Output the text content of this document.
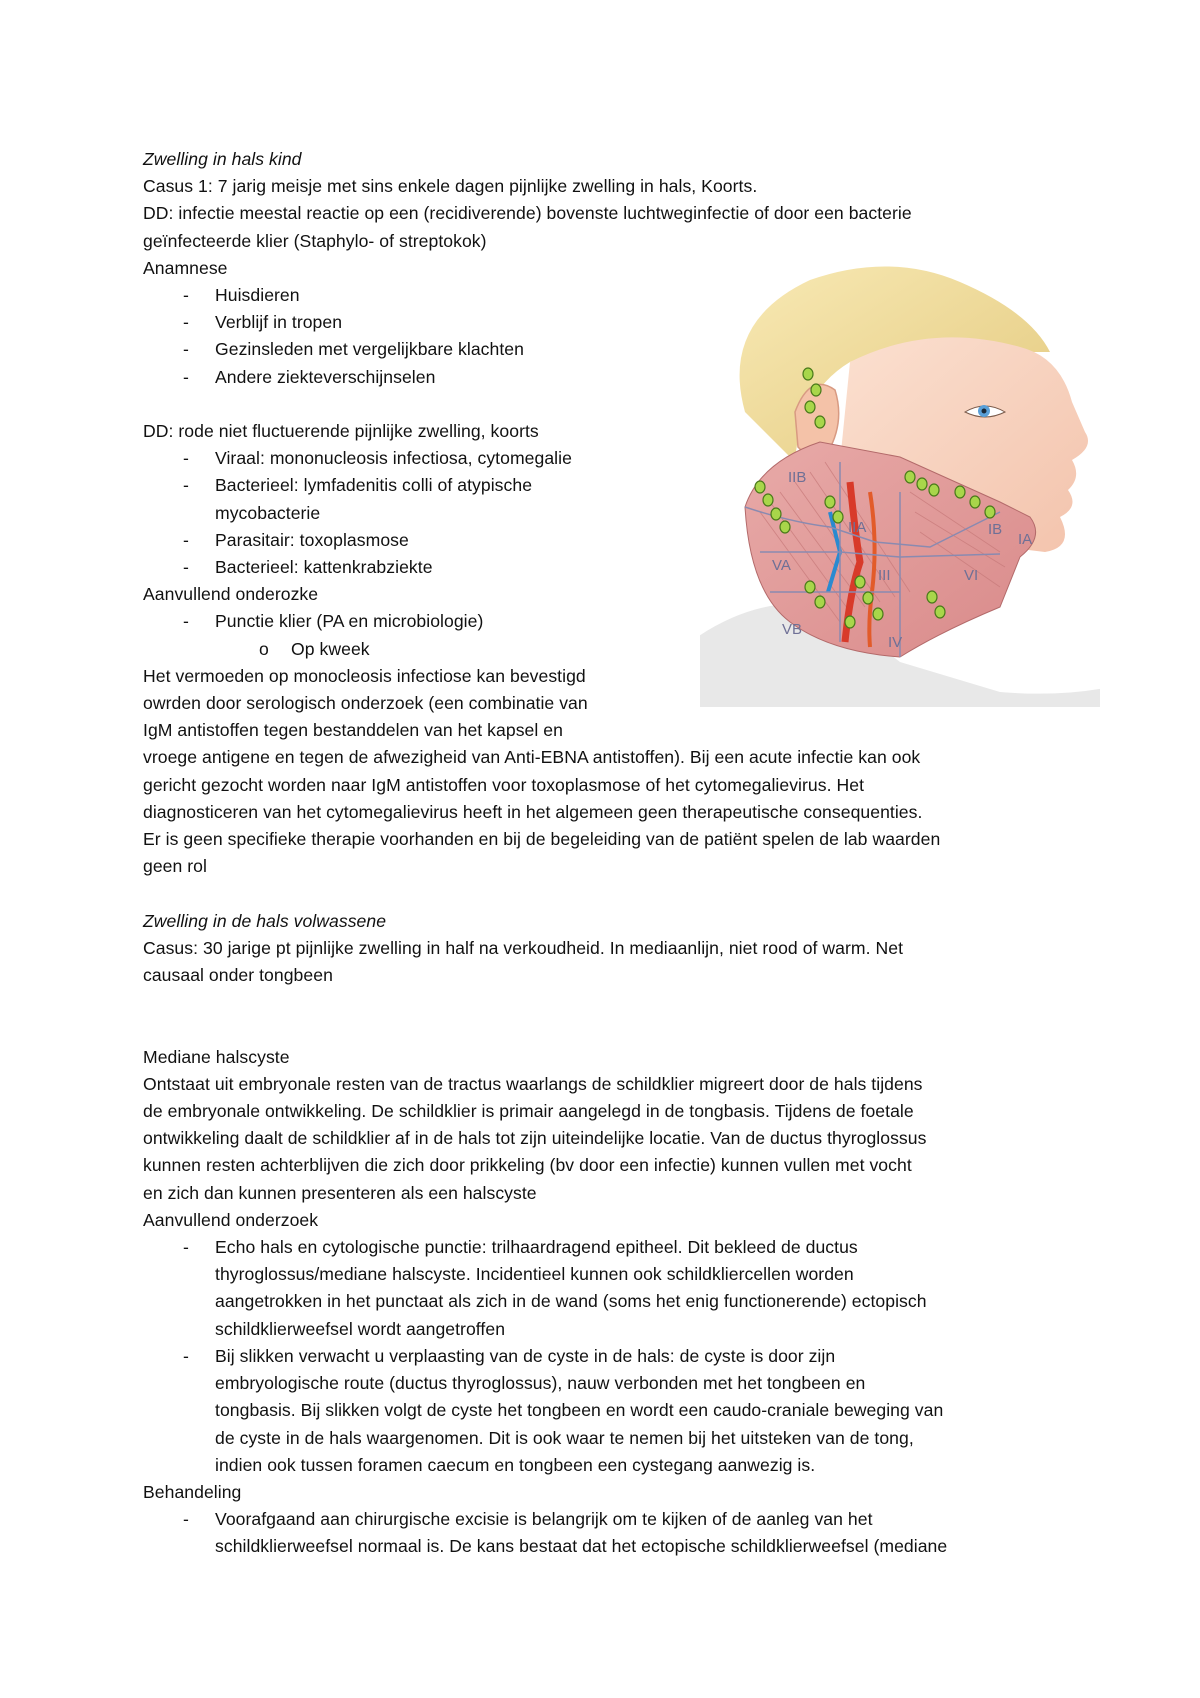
Zwelling in hals kind
Casus 1: 7 jarig meisje met sins enkele dagen pijnlijke zwelling in hals, Koorts.
DD: infectie meestal reactie op een (recidiverende) bovenste luchtweginfectie of door een bacterie
geïnfecteerde klier (Staphylo- of streptokok)
Anamnese
- Huisdieren
- Verblijf in tropen
- Gezinsleden met vergelijkbare klachten
- Andere ziekteverschijnselen
DD: rode niet fluctuerende pijnlijke zwelling, koorts
- Viraal: mononucleosis infectiosa, cytomegalie
- Bacterieel: lymfadenitis colli of atypische
mycobacterie
- Parasitair: toxoplasmose
- Bacterieel: kattenkrabziekte
Aanvullend onderozke
- Punctie klier (PA en microbiologie)
o Op kweek
Het vermoeden op monocleosis infectiose kan bevestigd
owrden door serologisch onderzoek (een combinatie van
IgM antistoffen tegen bestanddelen van het kapsel en
vroege antigene en tegen de afwezigheid van Anti-EBNA antistoffen). Bij een acute infectie kan ook
gericht gezocht worden naar IgM antistoffen voor toxoplasmose of het cytomegalievirus. Het
diagnosticeren van het cytomegalievirus heeft in het algemeen geen therapeutische consequenties.
Er is geen specifieke therapie voorhanden en bij de begeleiding van de patiënt spelen de lab waarden
geen rol
Zwelling in de hals volwassene
Casus: 30 jarige pt pijnlijke zwelling in half na verkoudheid. In mediaanlijn, niet rood of warm. Net
causaal onder tongbeen
Mediane halscyste
Ontstaat uit embryonale resten van de tractus waarlangs de schildklier migreert door de hals tijdens
de embryonale ontwikkeling. De schildklier is primair aangelegd in de tongbasis. Tijdens de foetale
ontwikkeling daalt de schildklier af in de hals tot zijn uiteindelijke locatie. Van de ductus thyroglossus
kunnen resten achterblijven die zich door prikkeling (bv door een infectie) kunnen vullen met vocht
en zich dan kunnen presenteren als een halscyste
Aanvullend onderzoek
- Echo hals en cytologische punctie: trilhaardragend epitheel. Dit bekleed de ductus
thyroglossus/mediane halscyste. Incidentieel kunnen ook schildkliercellen worden
aangetrokken in het punctaat als zich in de wand (soms het enig functionerende) ectopisch
schildklierweefsel wordt aangetroffen
- Bij slikken verwacht u verplaasting van de cyste in de hals: de cyste is door zijn
embryologische route (ductus thyroglossus), nauw verbonden met het tongbeen en
tongbasis. Bij slikken volgt de cyste het tongbeen en wordt een caudo-craniale beweging van
de cyste in de hals waargenomen. Dit is ook waar te nemen bij het uitsteken van de tong,
indien ook tussen foramen caecum en tongbeen een cystegang aanwezig is.
Behandeling
- Voorafgaand aan chirurgische excisie is belangrijk om te kijken of de aanleg van het
schildklierweefsel normaal is. De kans bestaat dat het ectopische schildklierweefsel (mediane
IIB
IIA	IB
IA
VA
III	VI
VB
IV
